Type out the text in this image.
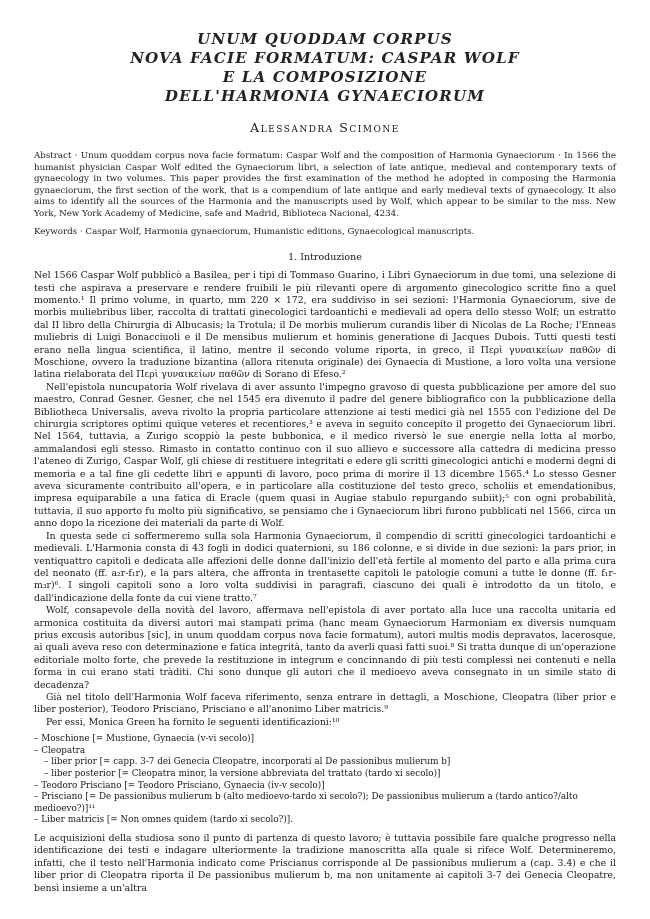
UNUM QUODDAM CORPUS
NOVA FACIE FORMATUM: CASPAR WOLF
E LA COMPOSIZIONE
DELL'HARMONIA GYNAECIORUM
Alessandra Scimone

Abstract · Unum quoddam corpus nova facie formatum: Caspar Wolf and the composition of Harmonia Gynaeciorum · In 1566 the humanist physician Caspar Wolf edited the Gynaeciorum libri, a selection of late antique, medieval and contemporary texts of gynaecology in two volumes. This paper provides the first examination of the method he adopted in composing the Harmonia gynaeciorum, the first section of the work, that is a compendium of late antique and early medieval texts of gynaecology. It also aims to identify all the sources of the Harmonia and the manuscripts used by Wolf, which appear to be similar to the mss. New York, New York Academy of Medicine, safe and Madrid, Biblioteca Nacional, 4234.

Keywords · Caspar Wolf, Harmonia gynaeciorum, Humanistic editions, Gynaecological manuscripts.

1. Introduzione

Nel 1566 Caspar Wolf pubblicò a Basilea, per i tipi di Tommaso Guarino, i Libri Gynaeciorum in due tomi, una selezione di testi che aspirava a preservare e rendere fruibili le più rilevanti opere di argomento ginecologico scritte fino a quel momento.¹ Il primo volume, in quarto, mm 220 × 172, era suddiviso in sei sezioni: l'Harmonia Gynaeciorum, sive de morbis muliebribus liber, raccolta di trattati ginecologici tardoantichi e medievali ad opera dello stesso Wolf; un estratto dal II libro della Chirurgia di Albucasis; la Trotula; il De morbis mulierum curandis liber di Nicolas de La Roche; l'Enneas muliebris di Luigi Bonacciuoli e il De mensibus mulierum et hominis generatione di Jacques Dubois. Tutti questi testi erano nella lingua scientifica, il latino, mentre il secondo volume riporta, in greco, il Περὶ γυναικείων παθῶν di Moschione, ovvero la traduzione bizantina (allora ritenuta originale) dei Gynaecia di Mustione, a loro volta una versione latina rielaborata del Περὶ γυναικείων παθῶν di Sorano di Efeso.²

Nell'epistola nuncupatoria Wolf rivelava di aver assunto l'impegno gravoso di questa pubblicazione per amore del suo maestro, Conrad Gesner. Gesner, che nel 1545 era divenuto il padre del genere bibliografico con la pubblicazione della Bibliotheca Universalis, aveva rivolto la propria particolare attenzione ai testi medici già nel 1555 con l'edizione del De chirurgia scriptores optimi quique veteres et recentiores,³ e aveva in seguito concepito il progetto dei Gynaeciorum libri. Nel 1564, tuttavia, a Zurigo scoppiò la peste bubbonica, e il medico riversò le sue energie nella lotta al morbo, ammalandosi egli stesso. Rimasto in contatto continuo con il suo allievo e successore alla cattedra di medicina presso l'ateneo di Zurigo, Caspar Wolf, gli chiese di restituere integritati e edere gli scritti ginecologici antichi e moderni degni di memoria e a tal fine gli cedette libri e appunti di lavoro, poco prima di morire il 13 dicembre 1565.⁴ Lo stesso Gesner aveva sicuramente contribuito all'opera, e in particolare alla costituzione del testo greco, scholiis et emendationibus, impresa equiparabile a una fatica di Eracle (quem quasi in Augiae stabulo repurgando subiit);⁵ con ogni probabilità, tuttavia, il suo apporto fu molto più significativo, se pensiamo che i Gynaeciorum libri furono pubblicati nel 1566, circa un anno dopo la ricezione dei materiali da parte di Wolf.

In questa sede ci soffermeremo sulla sola Harmonia Gynaeciorum, il compendio di scritti ginecologici tardoantichi e medievali. L'Harmonia consta di 43 fogli in dodici quaternioni, su 186 colonne, e si divide in due sezioni: la pars prior, in ventiquattro capitoli e dedicata alle affezioni delle donne dall'inizio dell'età fertile al momento del parto e alla prima cura del neonato (ff. a₂r-f₁r), e la pars altera, che affronta in trentasette capitoli le patologie comuni a tutte le donne (ff. f₁r-m₃r)⁶. I singoli capitoli sono a loro volta suddivisi in paragrafi, ciascuno dei quali è introdotto da un titolo, e dall'indicazione della fonte da cui viene tratto.⁷

Wolf, consapevole della novità del lavoro, affermava nell'epistola di aver portato alla luce una raccolta unitaria ed armonica costituita da diversi autori mai stampati prima (hanc meam Gynaeciorum Harmoniam ex diversis numquam prius excusis autoribus [sic], in unum quoddam corpus nova facie formatum), autori multis modis depravatos, lacerosque, ai quali aveva reso con determinazione e fatica integrità, tanto da averli quasi fatti suoi.⁸ Si tratta dunque di un'operazione editoriale molto forte, che prevede la restituzione in integrum e concinnando di più testi complessi nei contenuti e nella forma in cui erano stati tràditi. Chi sono dunque gli autori che il medioevo aveva consegnato in un simile stato di decadenza?

Già nel titolo dell'Harmonia Wolf faceva riferimento, senza entrare in dettagli, a Moschione, Cleopatra (liber prior e liber posterior), Teodoro Prisciano, Prisciano e all'anonimo Liber matricis.⁹

Per essi, Monica Green ha fornito le seguenti identificazioni:¹⁰

– Moschione [= Mustione, Gynaecia (v-vi secolo)]
– Cleopatra
– liber prior [= capp. 3-7 dei Genecia Cleopatre, incorporati al De passionibus mulierum b]
– liber posterior [= Cleopatra minor, la versione abbreviata del trattato (tardo xi secolo)]
– Teodoro Prisciano [= Teodoro Prisciano, Gynaecia (iv-v secolo)]
– Prisciano [= De passionibus mulierum b (alto medioevo-tardo xi secolo?); De passionibus mulierum a (tardo antico?/alto medioevo?)]¹¹
– Liber matricis [= Non omnes quidem (tardo xi secolo?)].

Le acquisizioni della studiosa sono il punto di partenza di questo lavoro; è tuttavia possibile fare qualche progresso nella identificazione dei testi e indagare ulteriormente la tradizione manoscritta alla quale si rifece Wolf. Determineremo, infatti, che il testo nell'Harmonia indicato come Priscianus corrisponde al De passionibus mulierum a (cap. 3.4) e che il liber prior di Cleopatra riporta il De passionibus mulierum b, ma non unitamente ai capitoli 3-7 dei Genecia Cleopatre, bensì insieme a un'altra
